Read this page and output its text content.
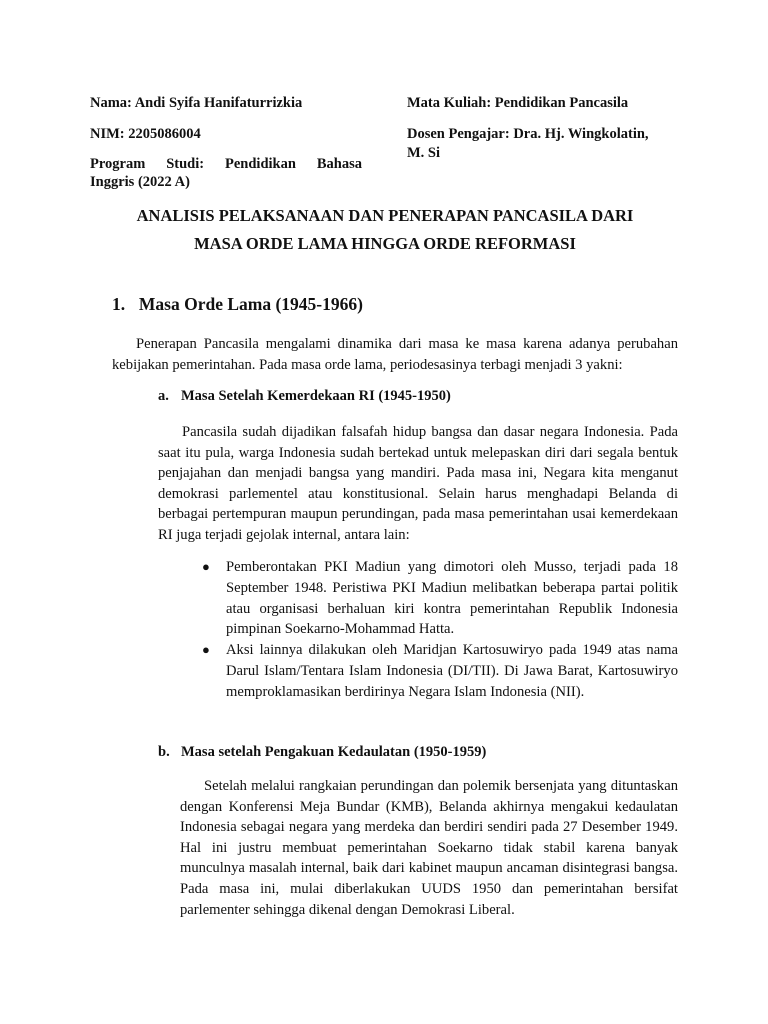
Nama: Andi Syifa Hanifaturrizkia
NIM: 2205086004
Program Studi: Pendidikan Bahasa
Inggris (2022 A)
Mata Kuliah: Pendidikan Pancasila
Dosen Pengajar: Dra. Hj. Wingkolatin,
M. Si
ANALISIS PELAKSANAAN DAN PENERAPAN PANCASILA DARI
MASA ORDE LAMA HINGGA ORDE REFORMASI
1. Masa Orde Lama (1945-1966)
Penerapan Pancasila mengalami dinamika dari masa ke masa karena adanya perubahan kebijakan pemerintahan. Pada masa orde lama, periodesasinya terbagi menjadi 3 yakni:
a. Masa Setelah Kemerdekaan RI (1945-1950)
Pancasila sudah dijadikan falsafah hidup bangsa dan dasar negara Indonesia. Pada saat itu pula, warga Indonesia sudah bertekad untuk melepaskan diri dari segala bentuk penjajahan dan menjadi bangsa yang mandiri. Pada masa ini, Negara kita menganut demokrasi parlementel atau konstitusional. Selain harus menghadapi Belanda di berbagai pertempuran maupun perundingan, pada masa pemerintahan usai kemerdekaan RI juga terjadi gejolak internal, antara lain:
● Pemberontakan PKI Madiun yang dimotori oleh Musso, terjadi pada 18 September 1948. Peristiwa PKI Madiun melibatkan beberapa partai politik atau organisasi berhaluan kiri kontra pemerintahan Republik Indonesia pimpinan Soekarno-Mohammad Hatta.
● Aksi lainnya dilakukan oleh Maridjan Kartosuwiryo pada 1949 atas nama Darul Islam/Tentara Islam Indonesia (DI/TII). Di Jawa Barat, Kartosuwiryo memproklamasikan berdirinya Negara Islam Indonesia (NII).
b. Masa setelah Pengakuan Kedaulatan (1950-1959)
Setelah melalui rangkaian perundingan dan polemik bersenjata yang dituntaskan dengan Konferensi Meja Bundar (KMB), Belanda akhirnya mengakui kedaulatan Indonesia sebagai negara yang merdeka dan berdiri sendiri pada 27 Desember 1949. Hal ini justru membuat pemerintahan Soekarno tidak stabil karena banyak munculnya masalah internal, baik dari kabinet maupun ancaman disintegrasi bangsa. Pada masa ini, mulai diberlakukan UUDS 1950 dan pemerintahan bersifat parlementer sehingga dikenal dengan Demokrasi Liberal.
